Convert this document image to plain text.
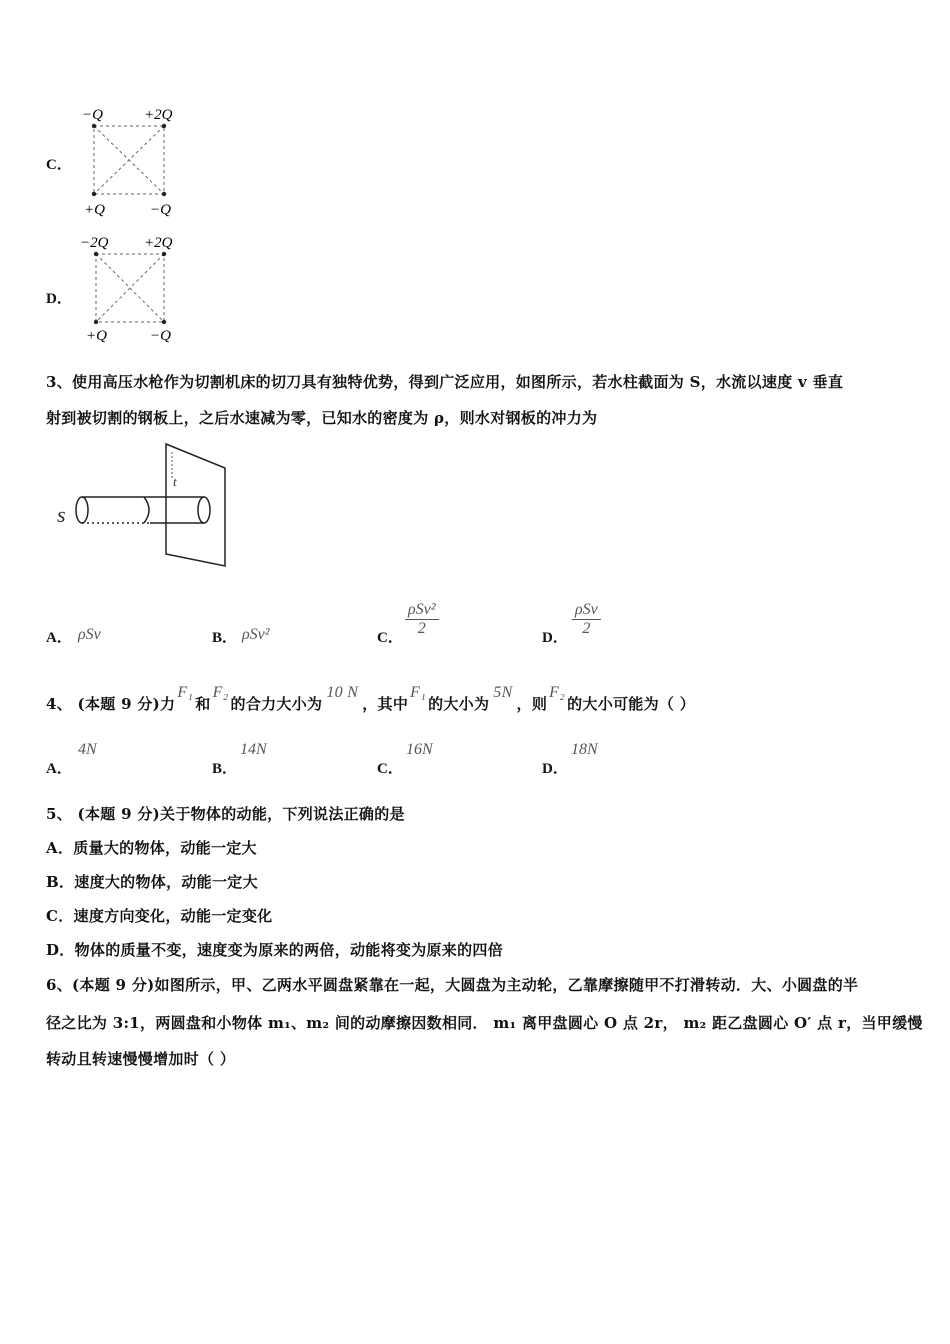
C．
−Q	+2Q
+Q	−Q
D．
−2Q +2Q
+Q	−Q
3、使用高压水枪作为切割机床的切刀具有独特优势，得到广泛应用，如图所示，若水柱截面为 S，水流以速度 v 垂直
射到被切割的钢板上，之后水速减为零，已知水的密度为 ρ，则水对钢板的冲力为
s
t
A． ρSv	B． ρSv²	C．
ρSv²
2
D．
ρSv
2
4、 (本题 9 分)力
F₁
和
F₂
的合力大小为
10 N
，其中
F₁
的大小为
5N
，则
F₂
的大小可能为（ ）
A．
4N
B．
14N
C．
16N
D．
18N
5、 (本题 9 分)关于物体的动能，下列说法正确的是
A．质量大的物体，动能一定大
B．速度大的物体，动能一定大
C．速度方向变化，动能一定变化
D．物体的质量不变，速度变为原来的两倍，动能将变为原来的四倍
6、(本题 9 分)如图所示，甲、乙两水平圆盘紧靠在一起，大圆盘为主动轮，乙靠摩擦随甲不打滑转动．大、小圆盘的半
径之比为 3:1，两圆盘和小物体 m₁、m₂ 间的动摩擦因数相同． m₁ 离甲盘圆心 O 点 2r， m₂ 距乙盘圆心 O′ 点 r，当甲缓慢
转动且转速慢慢增加时（ ）
